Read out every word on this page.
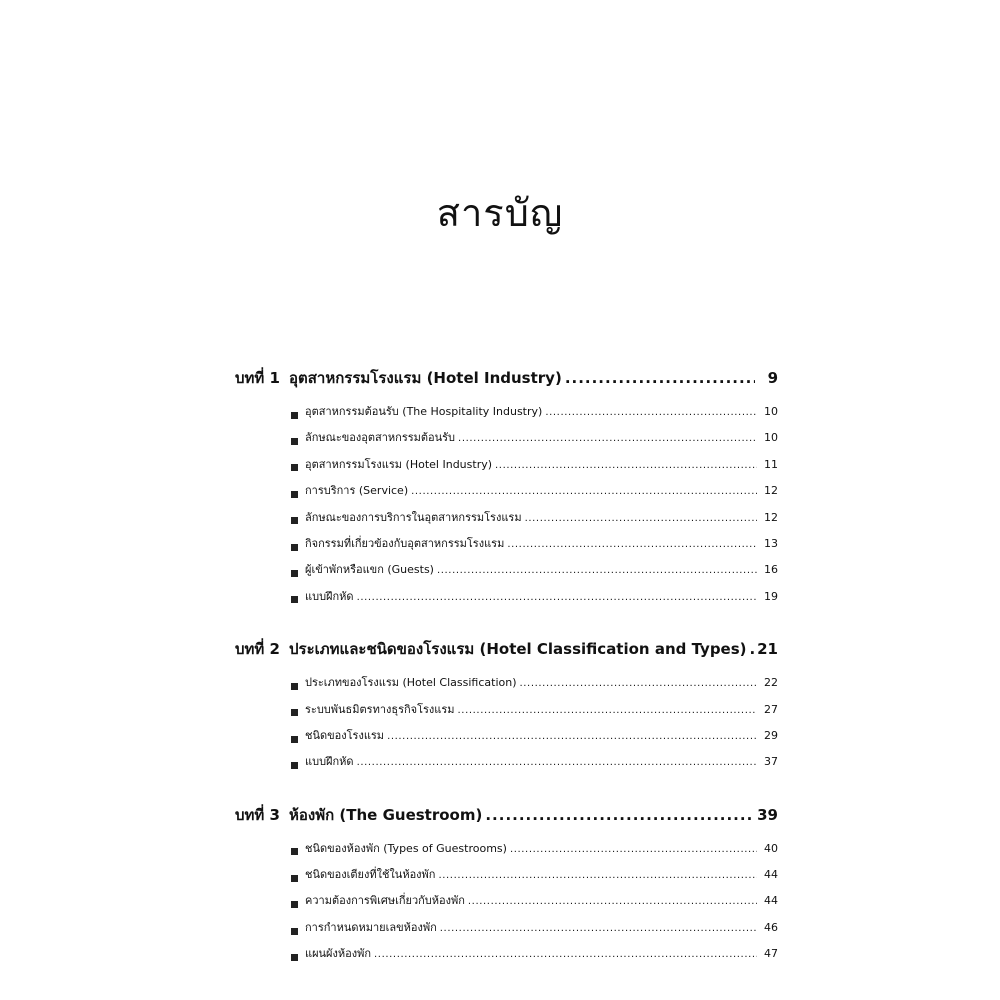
สารบัญ
บทที่ 1 อุตสาหกรรมโรงแรม (Hotel Industry) .....	9
อุตสาหกรรมต้อนรับ (The Hospitality Industry) .....	10
ลักษณะของอุตสาหกรรมต้อนรับ .....	10
อุตสาหกรรมโรงแรม (Hotel Industry) .....	11
การบริการ (Service) .....	12
ลักษณะของการบริการในอุตสาหกรรมโรงแรม .....	12
กิจกรรมที่เกี่ยวข้องกับอุตสาหกรรมโรงแรม .....	13
ผู้เข้าพักหรือแขก (Guests) .....	16
แบบฝึกหัด .....	19
บทที่ 2 ประเภทและชนิดของโรงแรม (Hotel Classification and Types) ..... 21
ประเภทของโรงแรม (Hotel Classification) .....	22
ระบบพันธมิตรทางธุรกิจโรงแรม .....	27
ชนิดของโรงแรม .....	29
แบบฝึกหัด .....	37
บทที่ 3 ห้องพัก (The Guestroom) .....	39
ชนิดของห้องพัก (Types of Guestrooms) .....	40
ชนิดของเตียงที่ใช้ในห้องพัก .....	44
ความต้องการพิเศษเกี่ยวกับห้องพัก .....	44
การกำหนดหมายเลขห้องพัก .....	46
แผนผังห้องพัก .....	47
